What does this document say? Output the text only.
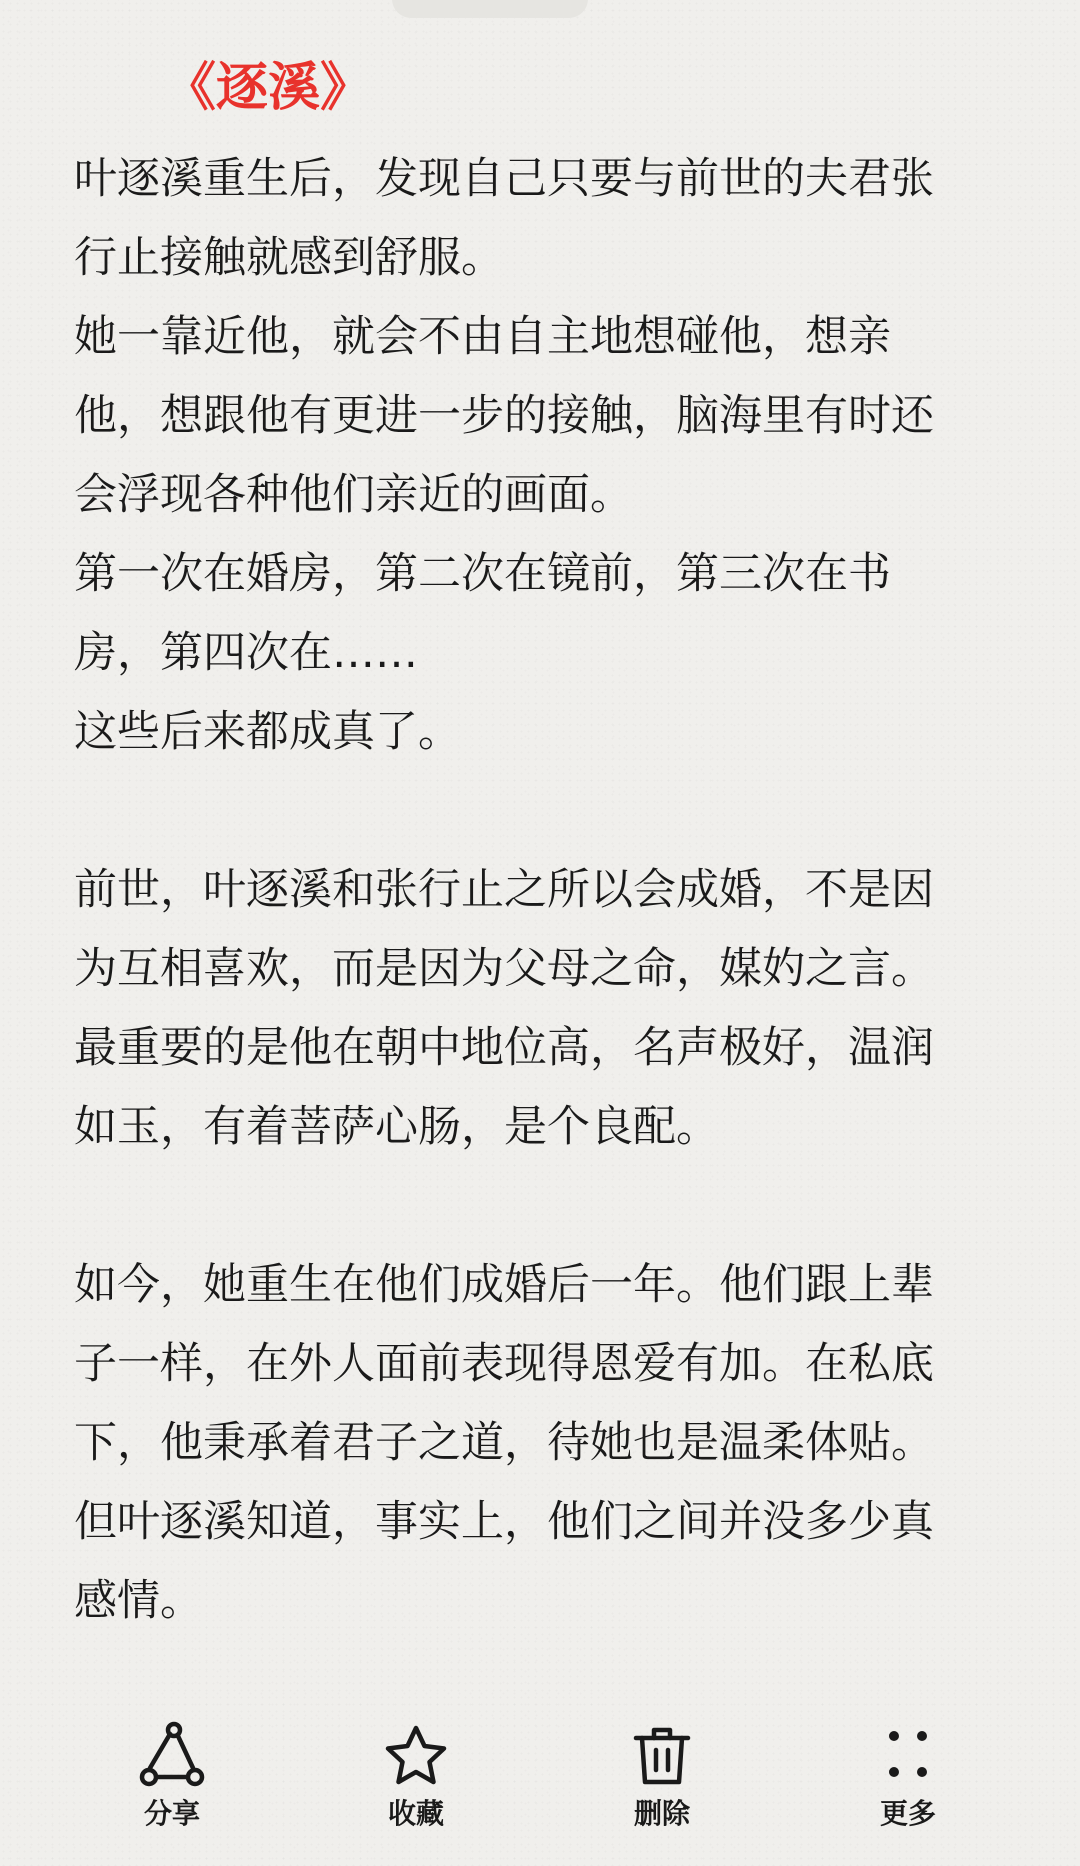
《逐溪》

叶逐溪重生后，发现自己只要与前世的夫君张
行止接触就感到舒服。
她一靠近他，就会不由自主地想碰他，想亲
他，想跟他有更进一步的接触，脑海里有时还
会浮现各种他们亲近的画面。
第一次在婚房，第二次在镜前，第三次在书
房，第四次在……
这些后来都成真了。

前世，叶逐溪和张行止之所以会成婚，不是因
为互相喜欢，而是因为父母之命，媒妁之言。
最重要的是他在朝中地位高，名声极好，温润
如玉，有着菩萨心肠，是个良配。

如今，她重生在他们成婚后一年。他们跟上辈
子一样，在外人面前表现得恩爱有加。在私底
下，他秉承着君子之道，待她也是温柔体贴。
但叶逐溪知道，事实上，他们之间并没多少真
感情。

分享	收藏	删除	更多
